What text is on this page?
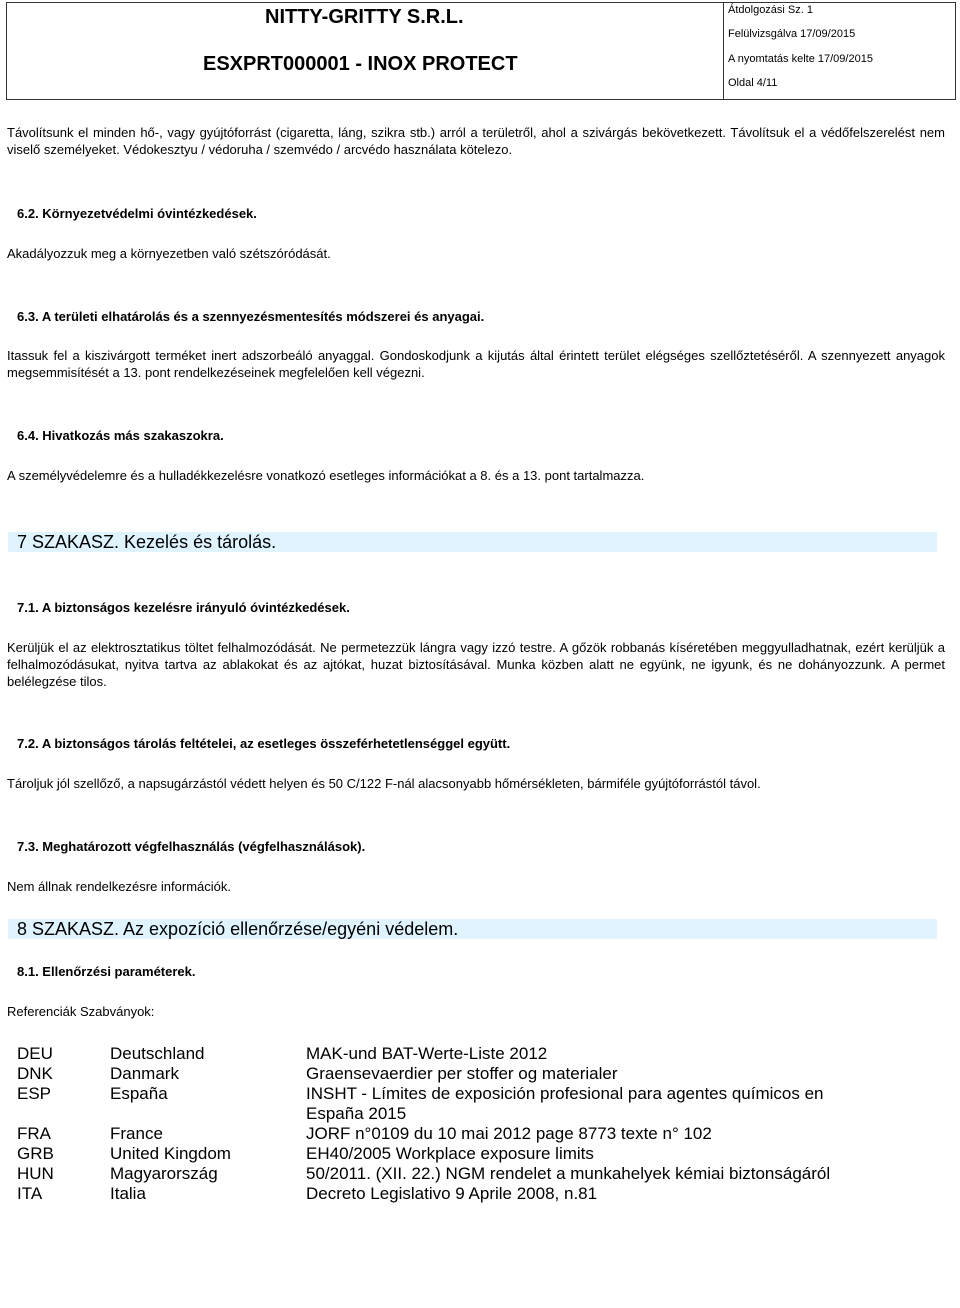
NITTY-GRITTY S.R.L.
ESXPRT000001 - INOX PROTECT
Átdolgozási Sz. 1
Felülvizsgálva 17/09/2015
A nyomtatás kelte 17/09/2015
Oldal 4/11
Távolítsunk el minden hő-, vagy gyújtóforrást (cigaretta, láng, szikra stb.) arról a területről, ahol a szivárgás bekövetkezett. Távolítsuk el a védőfelszerelést nem viselő személyeket. Védokesztyu / védoruha / szemvédo / arcvédo használata kötelezo.
6.2. Környezetvédelmi óvintézkedések.
Akadályozzuk meg a környezetben való szétszóródását.
6.3. A területi elhatárolás és a szennyezésmentesítés módszerei és anyagai.
Itassuk fel a kiszivárgott terméket inert adszorbeáló anyaggal. Gondoskodjunk a kijutás által érintett terület elégséges szellőztetéséről. A szennyezett anyagok megsemmisítését a 13. pont rendelkezéseinek megfelelően kell végezni.
6.4. Hivatkozás más szakaszokra.
A személyvédelemre és a hulladékkezelésre vonatkozó esetleges információkat a 8. és a 13. pont tartalmazza.
7 SZAKASZ. Kezelés és tárolás.
7.1. A biztonságos kezelésre irányuló óvintézkedések.
Kerüljük el az elektrosztatikus töltet felhalmozódását. Ne permetezzük lángra vagy izzó testre. A gőzök robbanás kíséretében meggyulladhatnak, ezért kerüljük a felhalmozódásukat, nyitva tartva az ablakokat és az ajtókat, huzat biztosításával. Munka közben alatt ne együnk, ne igyunk, és ne dohányozzunk. A permet belélegzése tilos.
7.2. A biztonságos tárolás feltételei, az esetleges összeférhetetlenséggel együtt.
Tároljuk jól szellőző, a napsugárzástól védett helyen és 50 C/122 F-nál alacsonyabb hőmérsékleten, bármiféle gyújtóforrástól távol.
7.3. Meghatározott végfelhasználás (végfelhasználások).
Nem állnak rendelkezésre információk.
8 SZAKASZ. Az expozíció ellenőrzése/egyéni védelem.
8.1. Ellenőrzési paraméterek.
Referenciák Szabványok:
DEU	Deutschland	MAK-und BAT-Werte-Liste 2012
DNK	Danmark	Graensevaerdier per stoffer og materialer
ESP	España	INSHT - Límites de exposición profesional para agentes químicos en España 2015
FRA	France	JORF n°0109 du 10 mai 2012 page 8773 texte n° 102
GRB	United Kingdom	EH40/2005 Workplace exposure limits
HUN	Magyarország	50/2011. (XII. 22.) NGM rendelet a munkahelyek kémiai biztonságáról
ITA	Italia	Decreto Legislativo 9 Aprile 2008, n.81
